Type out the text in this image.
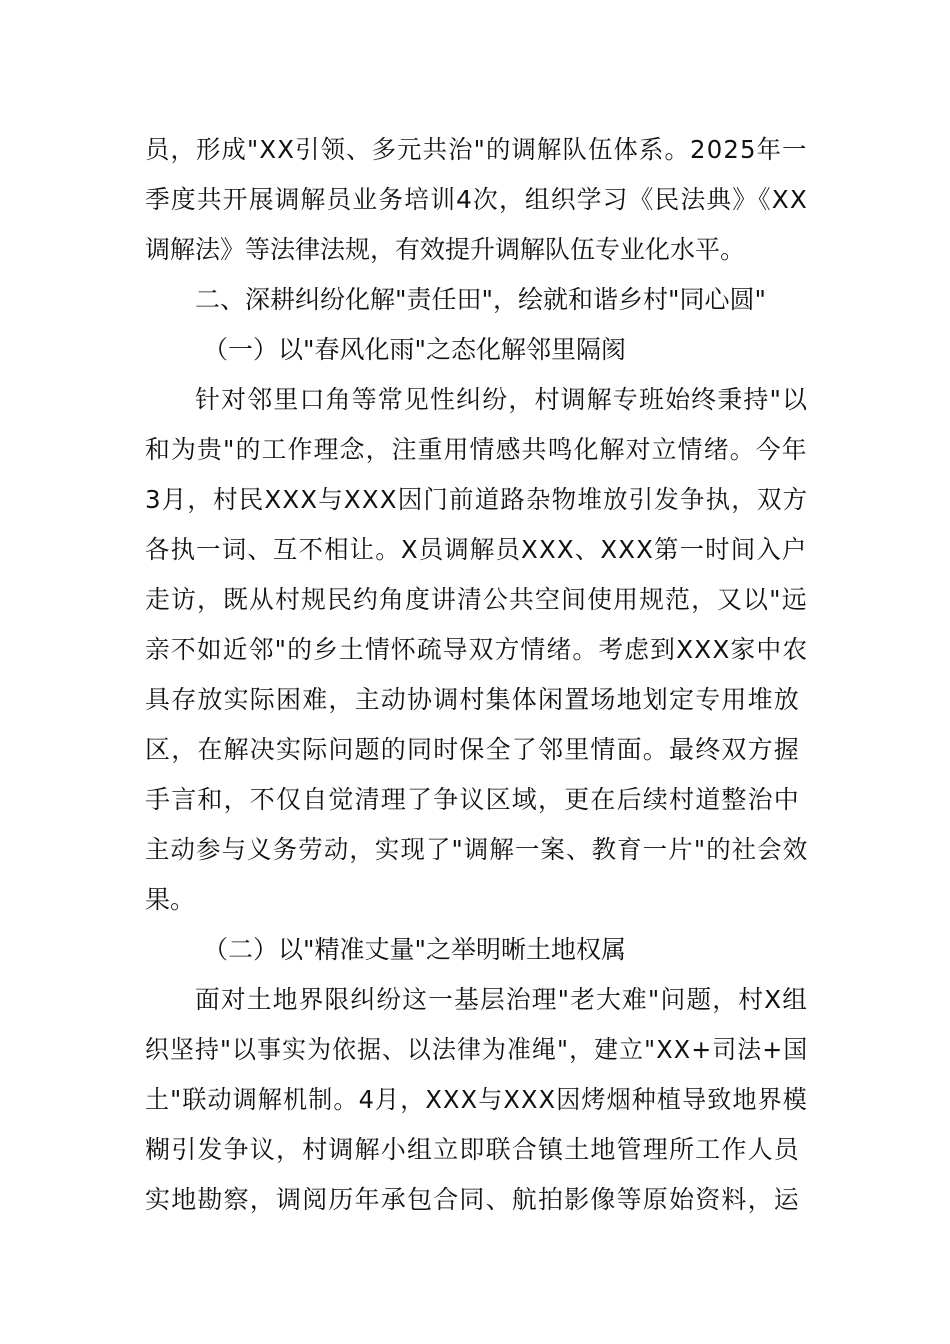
员，形成"XX引领、多元共治"的调解队伍体系。2025年一
季度共开展调解员业务培训4次，组织学习《民法典》《XX
调解法》等法律法规，有效提升调解队伍专业化水平。
二、深耕纠纷化解"责任田"，绘就和谐乡村"同心圆"
（一）以"春风化雨"之态化解邻里隔阂
针对邻里口角等常见性纠纷，村调解专班始终秉持"以
和为贵"的工作理念，注重用情感共鸣化解对立情绪。今年
3月，村民XXX与XXX因门前道路杂物堆放引发争执，双方
各执一词、互不相让。X员调解员XXX、XXX第一时间入户
走访，既从村规民约角度讲清公共空间使用规范，又以"远
亲不如近邻"的乡土情怀疏导双方情绪。考虑到XXX家中农
具存放实际困难，主动协调村集体闲置场地划定专用堆放
区，在解决实际问题的同时保全了邻里情面。最终双方握
手言和，不仅自觉清理了争议区域，更在后续村道整治中
主动参与义务劳动，实现了"调解一案、教育一片"的社会效
果。
（二）以"精准丈量"之举明晰土地权属
面对土地界限纠纷这一基层治理"老大难"问题，村X组
织坚持"以事实为依据、以法律为准绳"，建立"XX+司法+国
土"联动调解机制。4月，XXX与XXX因烤烟种植导致地界模
糊引发争议，村调解小组立即联合镇土地管理所工作人员
实地勘察，调阅历年承包合同、航拍影像等原始资料，运
